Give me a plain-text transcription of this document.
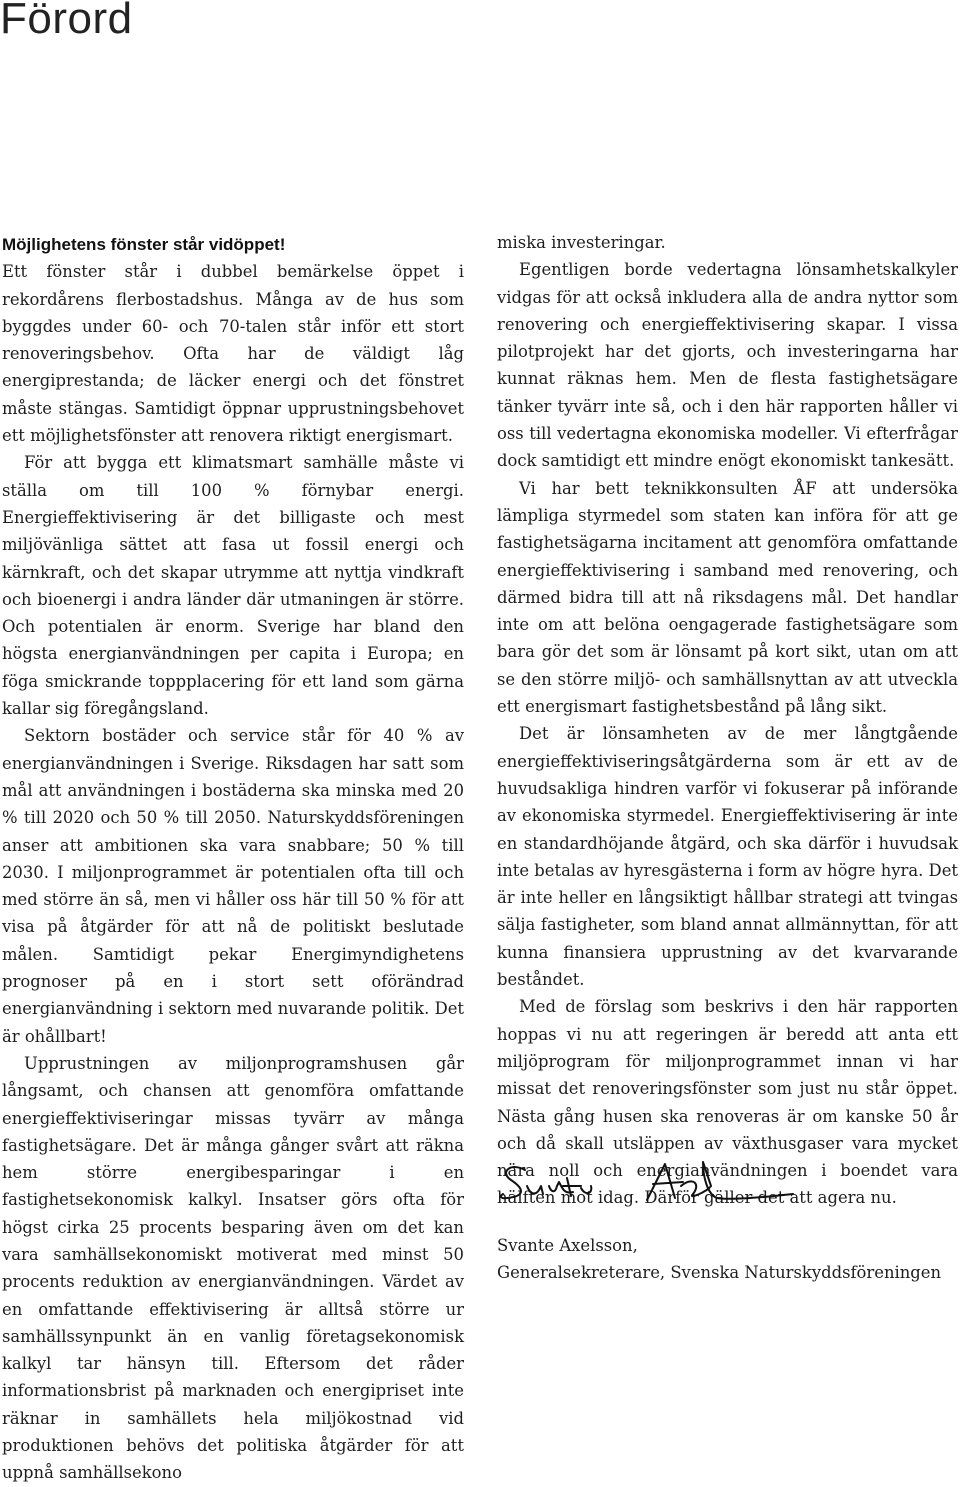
Förord
Möjlighetens fönster står vidöppet!

Ett fönster står i dubbel bemärkelse öppet i rekordårens flerbostadshus. Många av de hus som byggdes under 60- och 70-talen står inför ett stort renoveringsbehov. Ofta har de väldigt låg energiprestanda; de läcker energi och det fönstret måste stängas. Samtidigt öppnar upprustningsbehovet ett möjlighetsfönster att renovera riktigt energismart.

För att bygga ett klimatsmart samhälle måste vi ställa om till 100 % förnybar energi. Energieffektivisering är det billigaste och mest miljövänliga sättet att fasa ut fossil energi och kärnkraft, och det skapar utrymme att nyttja vindkraft och bioenergi i andra länder där utmaningen är större. Och potentialen är enorm. Sverige har bland den högsta energianvändningen per capita i Europa; en föga smickrande toppplacering för ett land som gärna kallar sig föregångsland.

Sektorn bostäder och service står för 40 % av energianvändningen i Sverige. Riksdagen har satt som mål att användningen i bostäderna ska minska med 20 % till 2020 och 50 % till 2050. Naturskyddsföreningen anser att ambitionen ska vara snabbare; 50 % till 2030. I miljonprogrammet är potentialen ofta till och med större än så, men vi håller oss här till 50 % för att visa på åtgärder för att nå de politiskt beslutade målen. Samtidigt pekar Energimyndighetens prognoser på en i stort sett oförändrad energianvändning i sektorn med nuvarande politik. Det är ohållbart!

Upprustningen av miljonprogramshusen går långsamt, och chansen att genomföra omfattande energieffektiviseringar missas tyvärr av många fastighetsägare. Det är många gånger svårt att räkna hem större energibesparingar i en fastighetsekonomisk kalkyl. Insatser görs ofta för högst cirka 25 procents besparing även om det kan vara samhällsekonomiskt motiverat med minst 50 procents reduktion av energianvändningen. Värdet av en omfattande effektivisering är alltså större ur samhällssynpunkt än en vanlig företagsekonomisk kalkyl tar hänsyn till. Eftersom det råder informationsbrist på marknaden och energipriset inte räknar in samhällets hela miljökostnad vid produktionen behövs det politiska åtgärder för att uppnå samhällsekono

miska investeringar.

Egentligen borde vedertagna lönsamhetskalkyler vidgas för att också inkludera alla de andra nyttor som renovering och energieffektivisering skapar. I vissa pilotprojekt har det gjorts, och investeringarna har kunnat räknas hem. Men de flesta fastighetsägare tänker tyvärr inte så, och i den här rapporten håller vi oss till vedertagna ekonomiska modeller. Vi efterfrågar dock samtidigt ett mindre enögt ekonomiskt tankesätt.

Vi har bett teknikkonsulten ÅF att undersöka lämpliga styrmedel som staten kan införa för att ge fastighetsägarna incitament att genomföra omfattande energieffektivisering i samband med renovering, och därmed bidra till att nå riksdagens mål. Det handlar inte om att belöna oengagerade fastighetsägare som bara gör det som är lönsamt på kort sikt, utan om att se den större miljö- och samhällsnyttan av att utveckla ett energismart fastighetsbestånd på lång sikt.

Det är lönsamheten av de mer långtgående energieffektiviseringsåtgärderna som är ett av de huvudsakliga hindren varför vi fokuserar på införande av ekonomiska styrmedel. Energieffektivisering är inte en standardhöjande åtgärd, och ska därför i huvudsak inte betalas av hyresgästerna i form av högre hyra. Det är inte heller en långsiktigt hållbar strategi att tvingas sälja fastigheter, som bland annat allmännyttan, för att kunna finansiera upprustning av det kvarvarande beståndet.

Med de förslag som beskrivs i den här rapporten hoppas vi nu att regeringen är beredd att anta ett miljöprogram för miljonprogrammet innan vi har missat det renoveringsfönster som just nu står öppet. Nästa gång husen ska renoveras är om kanske 50 år och då skall utsläppen av växthusgaser vara mycket nära noll och energianvändningen i boendet vara hälften mot idag. Därför gäller det att agera nu.

Svante Axelsson,
Generalsekreterare, Svenska Naturskyddsföreningen
